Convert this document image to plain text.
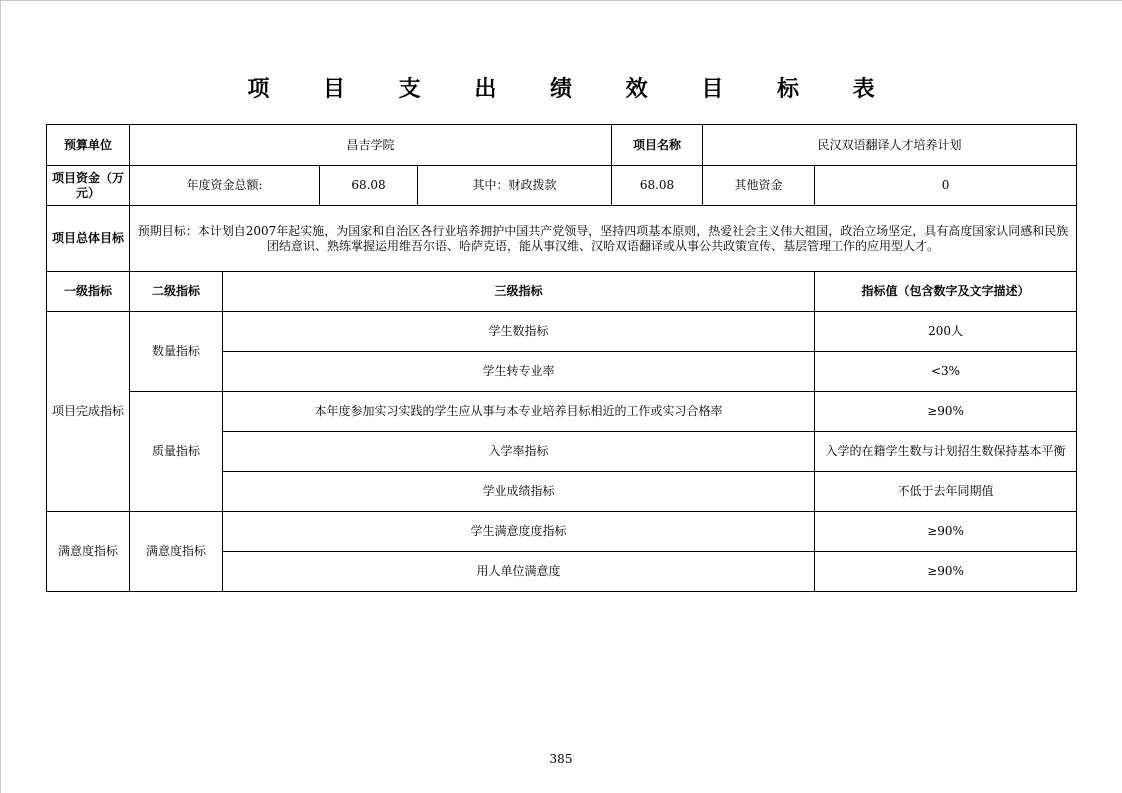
项 目 支 出 绩 效 目 标 表
预算单位	昌吉学院				项目名称	民汉双语翻译人才培养计划	
项目资金（万元）	年度资金总额:		68.08	其中：财政拨款	68.08	其他资金	0
项目总体目标	预期目标：本计划自2007年起实施，为国家和自治区各行业培养拥护中国共产党领导，坚持四项基本原则，热爱社会主义伟大祖国，政治立场坚定，具有高度国家认同感和民族团结意识、熟练掌握运用维吾尔语、哈萨克语，能从事汉维、汉哈双语翻译或从事公共政策宣传、基层管理工作的应用型人才。						
一级指标	二级指标	三级指标					指标值（包含数字及文字描述）
项目完成指标	数量指标	学生数指标					200人
		学生转专业率					<3%
	质量指标	本年度参加实习实践的学生应从事与本专业培养目标相近的工作或实习合格率					≥90%
		入学率指标					入学的在籍学生数与计划招生数保持基本平衡
		学业成绩指标					不低于去年同期值
满意度指标	满意度指标	学生满意度度指标					≥90%
		用人单位满意度					≥90%
385
